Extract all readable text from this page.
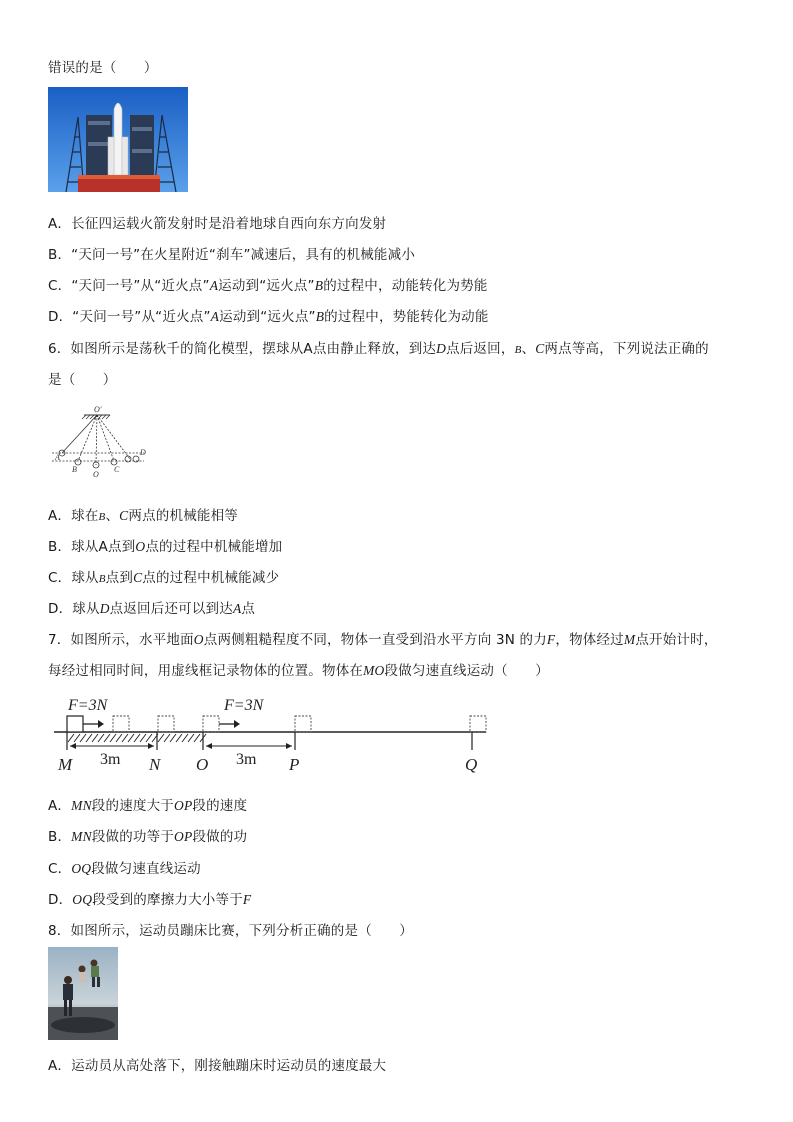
错误的是（　　）
A．长征四运载火箭发射时是沿着地球自西向东方向发射
B．“天问一号”在火星附近“刹车”减速后，具有的机械能减小
C．“天问一号”从“近火点”A运动到“远火点”B的过程中，动能转化为势能
D．“天问一号”从“近火点”A运动到“远火点”B的过程中，势能转化为动能
6．如图所示是荡秋千的简化模型，摆球从A点由静止释放，到达D点后返回，B、C两点等高，下列说法正确的
是（　　）
O'
A
B
O
C
D
A．球在B、C两点的机械能相等
B．球从A点到O点的过程中机械能增加
C．球从B点到C点的过程中机械能减少
D．球从D点返回后还可以到达A点
7．如图所示，水平地面O点两侧粗糙程度不同，物体一直受到沿水平方向 3N 的力F，物体经过M点开始计时，
每经过相同时间，用虚线框记录物体的位置。物体在MO段做匀速直线运动（　　）
F=3N	F=3N
3m	3m
M	N O	P	Q
A．MN段的速度大于OP段的速度
B．MN段做的功等于OP段做的功
C．OQ段做匀速直线运动
D．OQ段受到的摩擦力大小等于F
8．如图所示，运动员蹦床比赛，下列分析正确的是（　　）
A．运动员从高处落下，刚接触蹦床时运动员的速度最大
